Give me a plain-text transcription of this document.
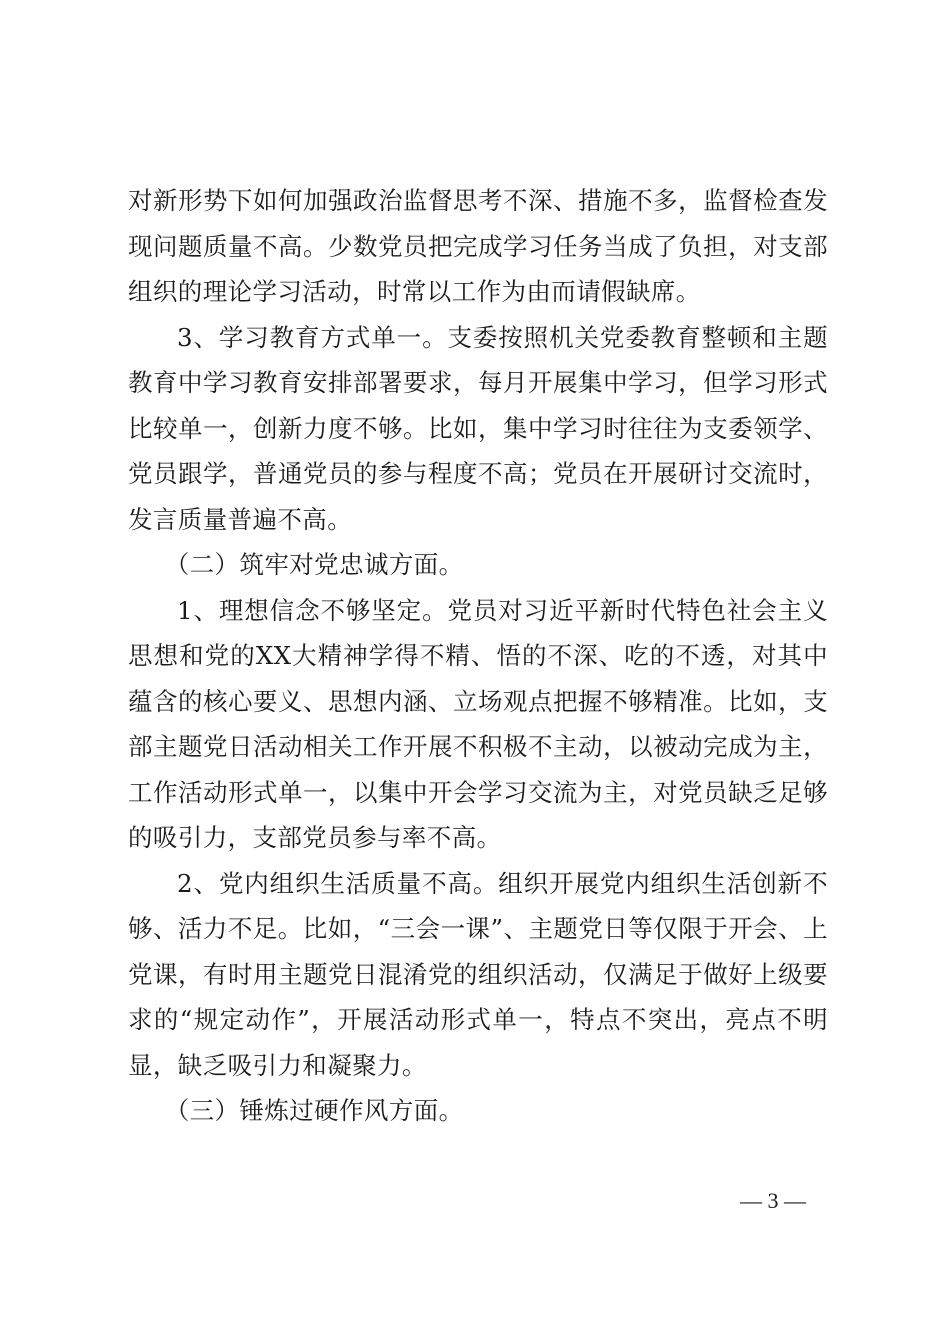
对新形势下如何加强政治监督思考不深、措施不多，监督检查发现问题质量不高。少数党员把完成学习任务当成了负担，对支部组织的理论学习活动，时常以工作为由而请假缺席。

3、学习教育方式单一。支委按照机关党委教育整顿和主题教育中学习教育安排部署要求，每月开展集中学习，但学习形式比较单一，创新力度不够。比如，集中学习时往往为支委领学、党员跟学，普通党员的参与程度不高；党员在开展研讨交流时，发言质量普遍不高。

（二）筑牢对党忠诚方面。

1、理想信念不够坚定。党员对习近平新时代特色社会主义思想和党的XX大精神学得不精、悟的不深、吃的不透，对其中蕴含的核心要义、思想内涵、立场观点把握不够精准。比如，支部主题党日活动相关工作开展不积极不主动，以被动完成为主，工作活动形式单一，以集中开会学习交流为主，对党员缺乏足够的吸引力，支部党员参与率不高。

2、党内组织生活质量不高。组织开展党内组织生活创新不够、活力不足。比如，“三会一课”、主题党日等仅限于开会、上党课，有时用主题党日混淆党的组织活动，仅满足于做好上级要求的“规定动作”，开展活动形式单一，特点不突出，亮点不明显，缺乏吸引力和凝聚力。

（三）锤炼过硬作风方面。

— 3 —
